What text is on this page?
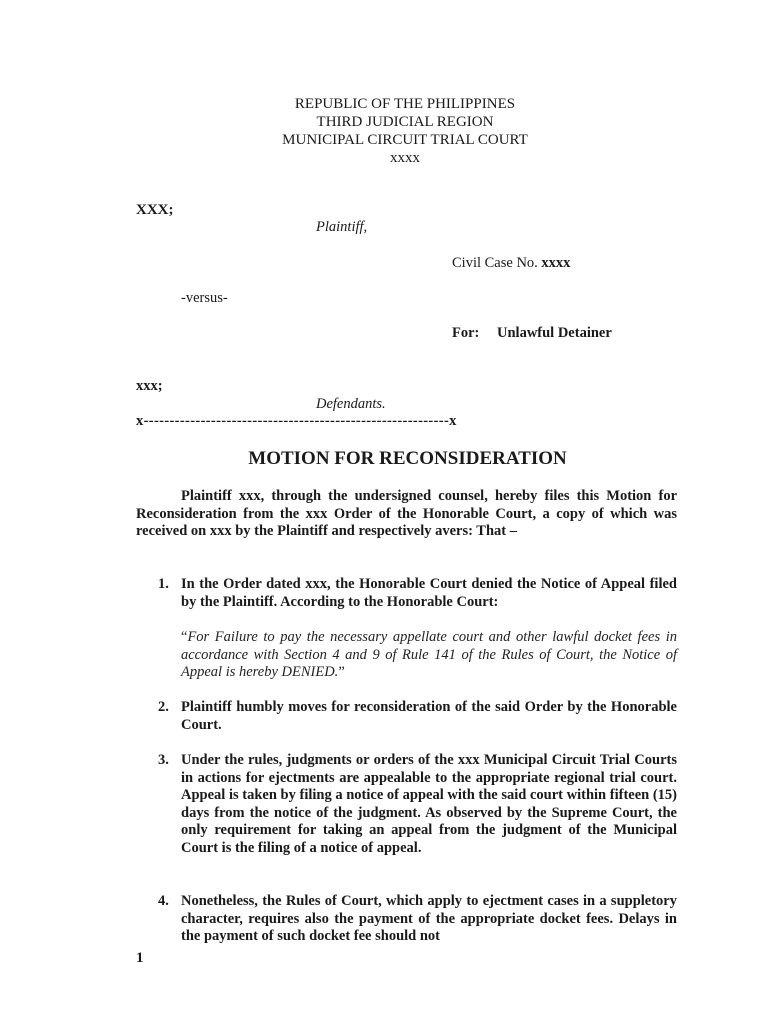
REPUBLIC OF THE PHILIPPINES
THIRD JUDICIAL REGION
MUNICIPAL CIRCUIT TRIAL COURT
xxxx
XXX;
Plaintiff,
Civil Case No. xxxx
-versus-
For: Unlawful Detainer
xxx;
Defendants.
x-----------------------------------------------------------x
MOTION FOR RECONSIDERATION
Plaintiff xxx, through the undersigned counsel, hereby files this Motion for Reconsideration from the xxx Order of the Honorable Court, a copy of which was received on xxx by the Plaintiff and respectively avers: That –
1. In the Order dated xxx, the Honorable Court denied the Notice of Appeal filed by the Plaintiff. According to the Honorable Court:
“For Failure to pay the necessary appellate court and other lawful docket fees in accordance with Section 4 and 9 of Rule 141 of the Rules of Court, the Notice of Appeal is hereby DENIED.”
2. Plaintiff humbly moves for reconsideration of the said Order by the Honorable Court.
3. Under the rules, judgments or orders of the xxx Municipal Circuit Trial Courts in actions for ejectments are appealable to the appropriate regional trial court. Appeal is taken by filing a notice of appeal with the said court within fifteen (15) days from the notice of the judgment. As observed by the Supreme Court, the only requirement for taking an appeal from the judgment of the Municipal Court is the filing of a notice of appeal.
4. Nonetheless, the Rules of Court, which apply to ejectment cases in a suppletory character, requires also the payment of the appropriate docket fees. Delays in the payment of such docket fee should not
1
